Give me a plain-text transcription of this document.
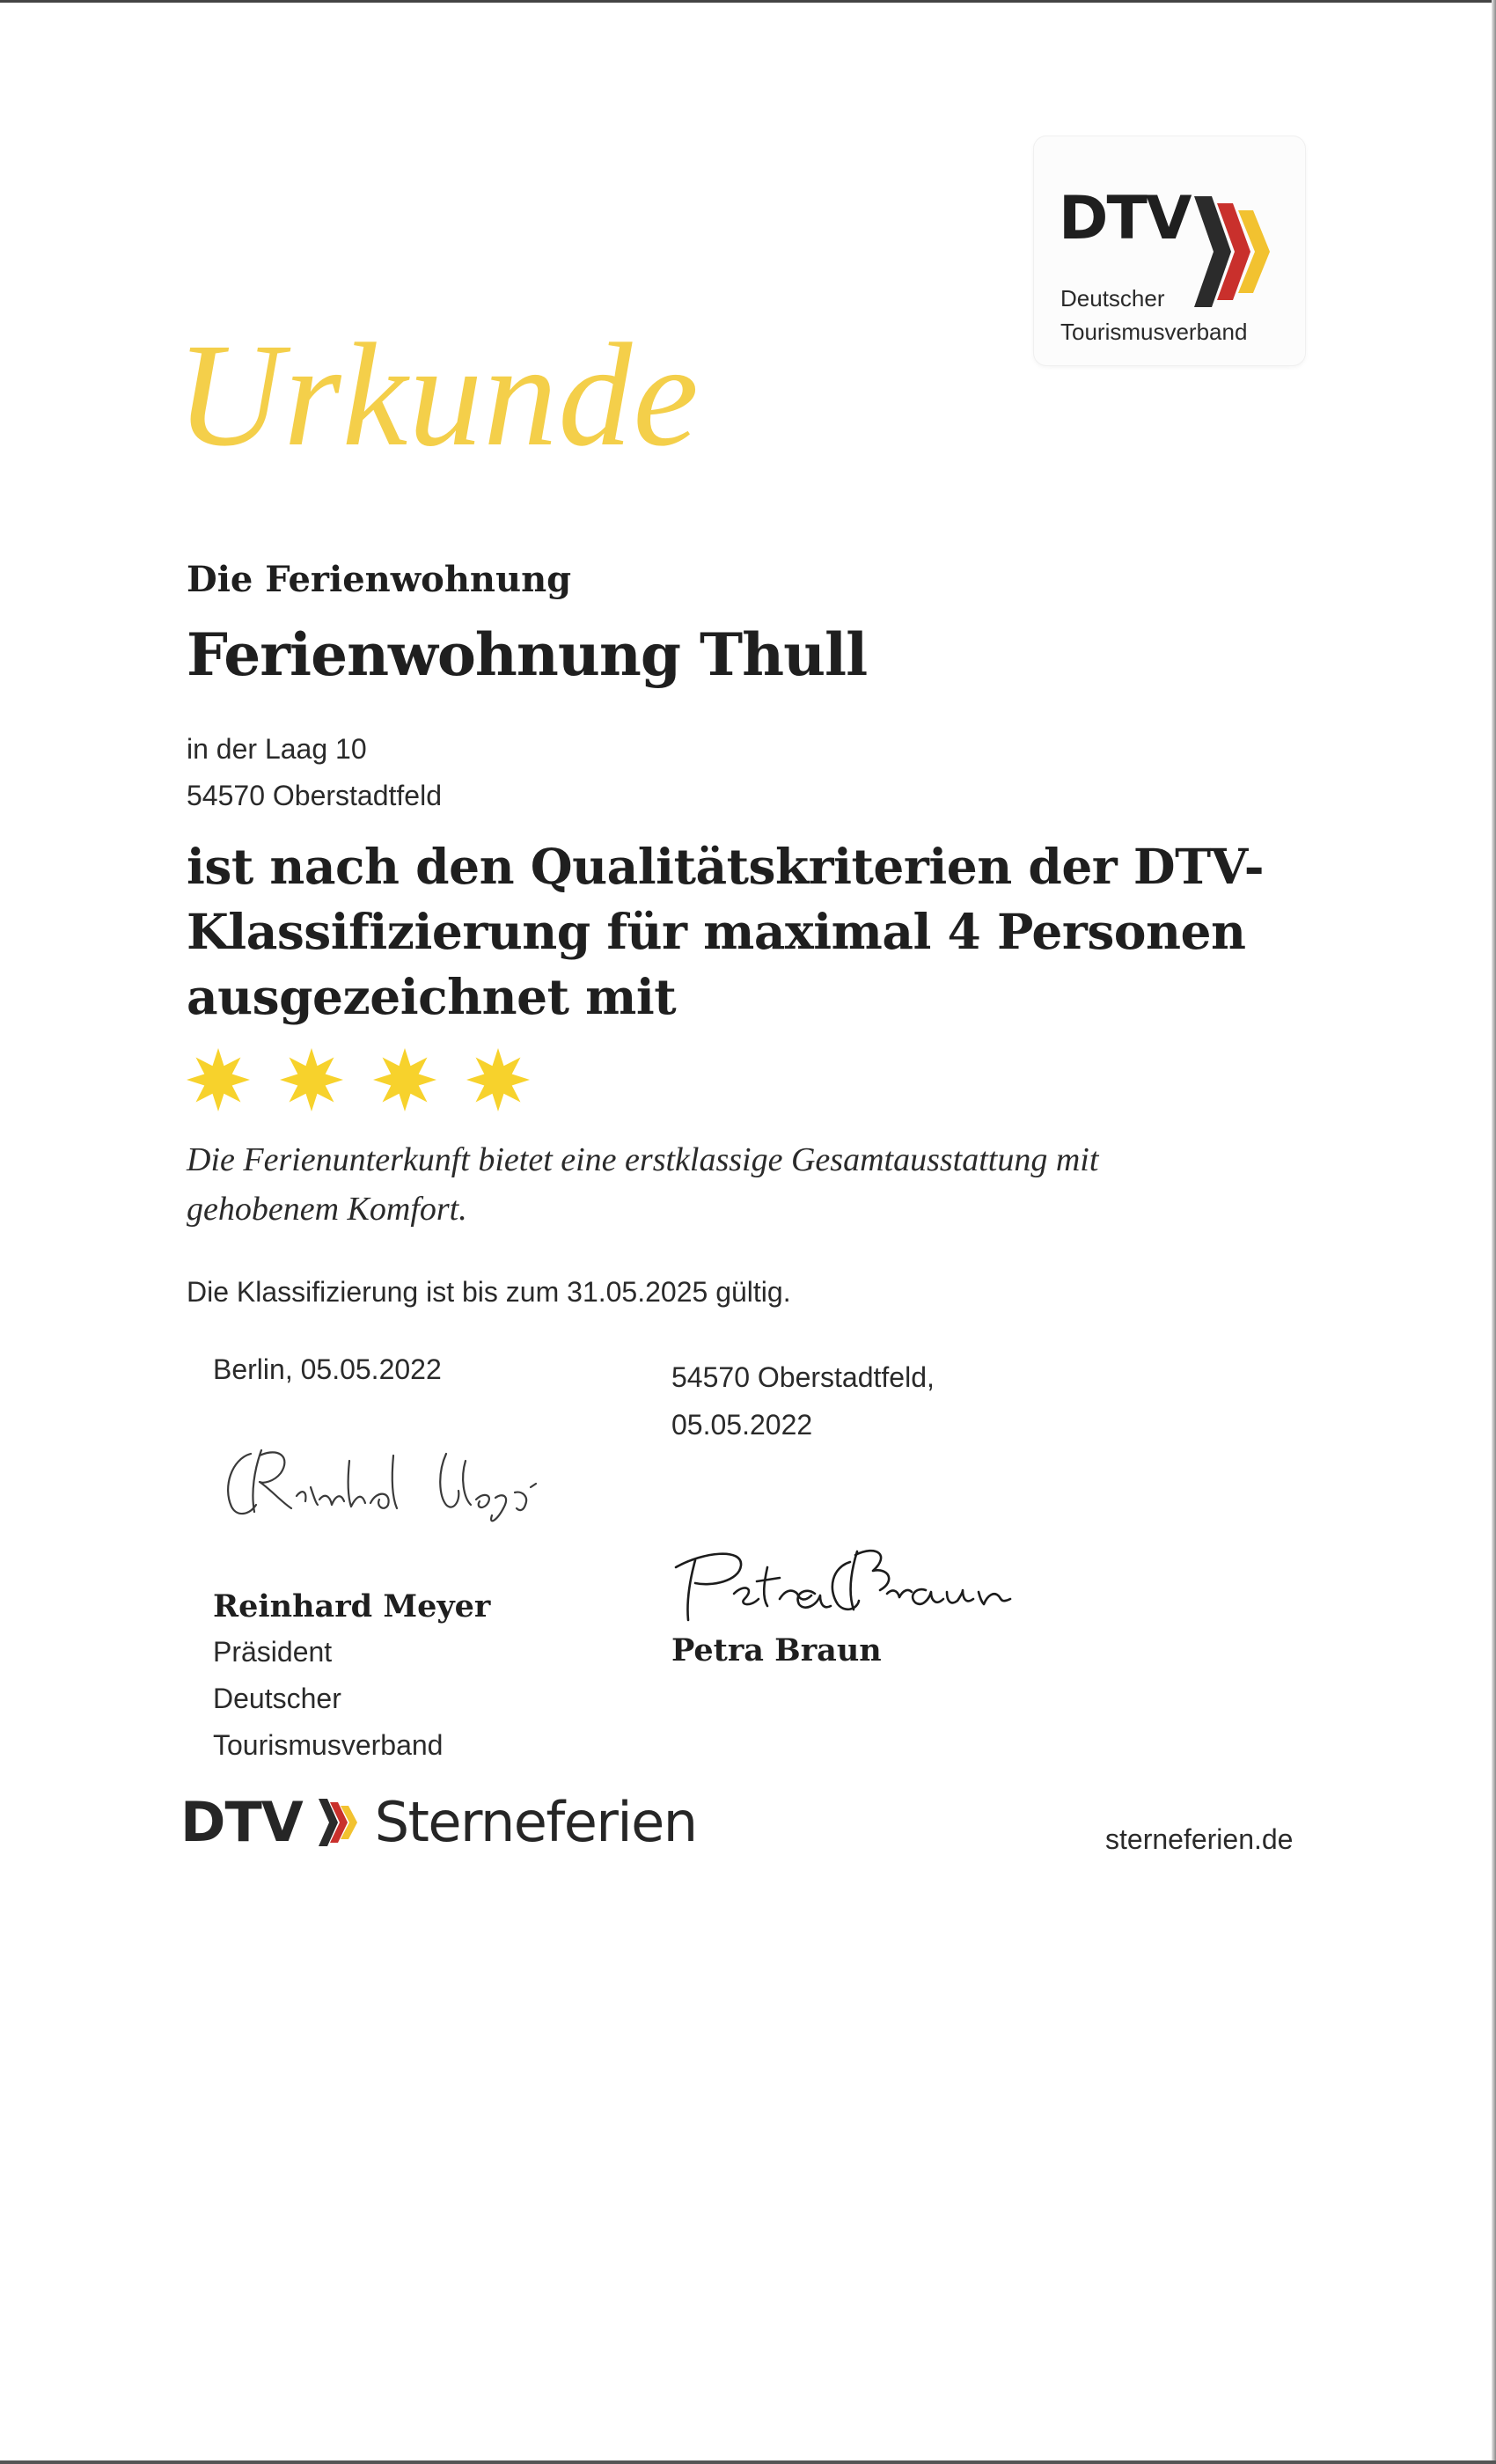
DTV
Deutscher
Tourismusverband
Urkunde
Die Ferienwohnung
Ferienwohnung Thull
in der Laag 10
54570 Oberstadtfeld
ist nach den Qualitätskriterien der DTV-Klassifizierung für maximal 4 Personen ausgezeichnet mit
Die Ferienunterkunft bietet eine erstklassige Gesamtausstattung mit gehobenem Komfort.
Die Klassifizierung ist bis zum 31.05.2025 gültig.
Berlin, 05.05.2022	54570 Oberstadtfeld,
05.05.2022
Reinhard Meyer
Präsident
Deutscher
Tourismusverband
Petra Braun
DTV Sterneferien	sterneferien.de
